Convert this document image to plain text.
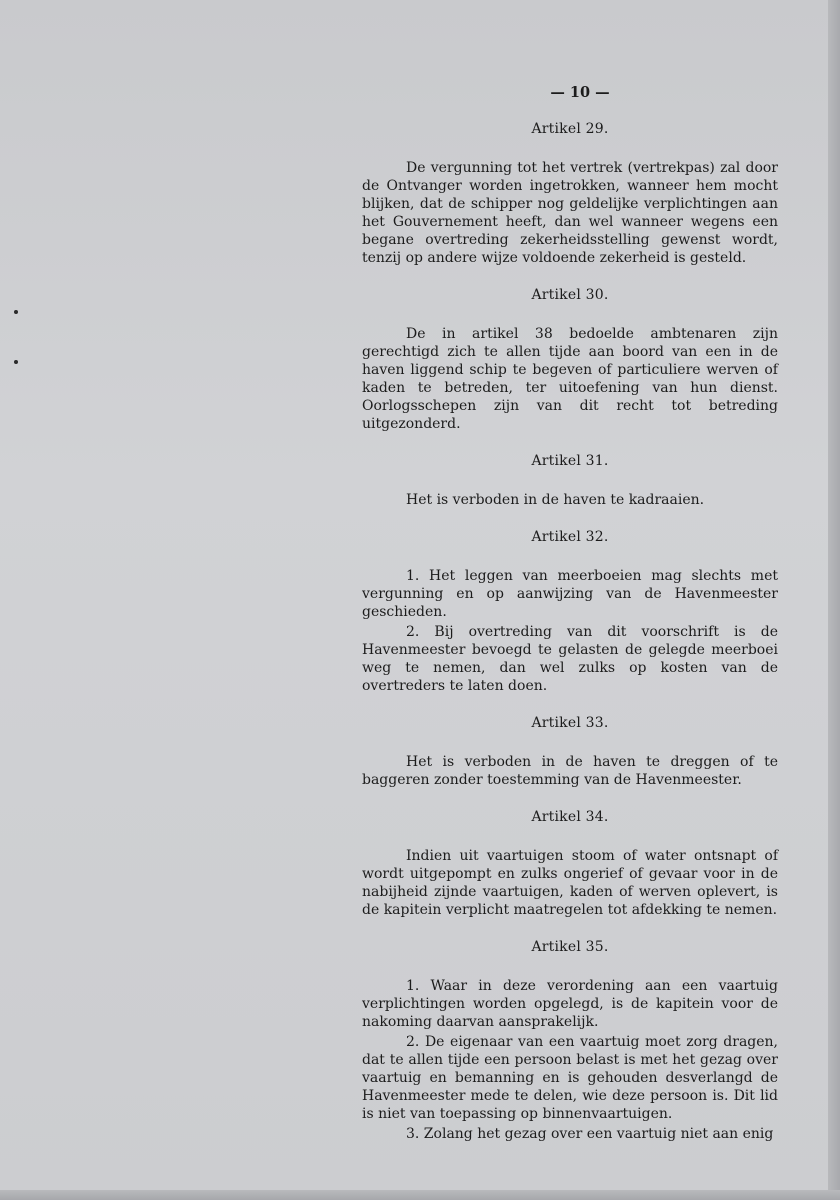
— 10 —
Artikel 29.

De vergunning tot het vertrek (vertrekpas) zal door de Ontvanger worden ingetrokken, wanneer hem mocht blijken, dat de schipper nog geldelijke verplichtingen aan het Gouvernement heeft, dan wel wanneer wegens een begane overtreding zekerheidsstelling gewenst wordt, tenzij op andere wijze voldoende zekerheid is gesteld.

Artikel 30.

De in artikel 38 bedoelde ambtenaren zijn gerechtigd zich te allen tijde aan boord van een in de haven liggend schip te begeven of particuliere werven of kaden te betreden, ter uitoefening van hun dienst. Oorlogsschepen zijn van dit recht tot betreding uitgezonderd.

Artikel 31.

Het is verboden in de haven te kadraaien.

Artikel 32.

1. Het leggen van meerboeien mag slechts met vergunning en op aanwijzing van de Havenmeester geschieden.

2. Bij overtreding van dit voorschrift is de Havenmeester bevoegd te gelasten de gelegde meerboei weg te nemen, dan wel zulks op kosten van de overtreders te laten doen.

Artikel 33.

Het is verboden in de haven te dreggen of te baggeren zonder toestemming van de Havenmeester.

Artikel 34.

Indien uit vaartuigen stoom of water ontsnapt of wordt uitgepompt en zulks ongerief of gevaar voor in de nabijheid zijnde vaartuigen, kaden of werven oplevert, is de kapitein verplicht maatregelen tot afdekking te nemen.

Artikel 35.

1. Waar in deze verordening aan een vaartuig verplichtingen worden opgelegd, is de kapitein voor de nakoming daarvan aansprakelijk.

2. De eigenaar van een vaartuig moet zorg dragen, dat te allen tijde een persoon belast is met het gezag over vaartuig en bemanning en is gehouden desverlangd de Havenmeester mede te delen, wie deze persoon is. Dit lid is niet van toepassing op binnenvaartuigen.

3. Zolang het gezag over een vaartuig niet aan enig
